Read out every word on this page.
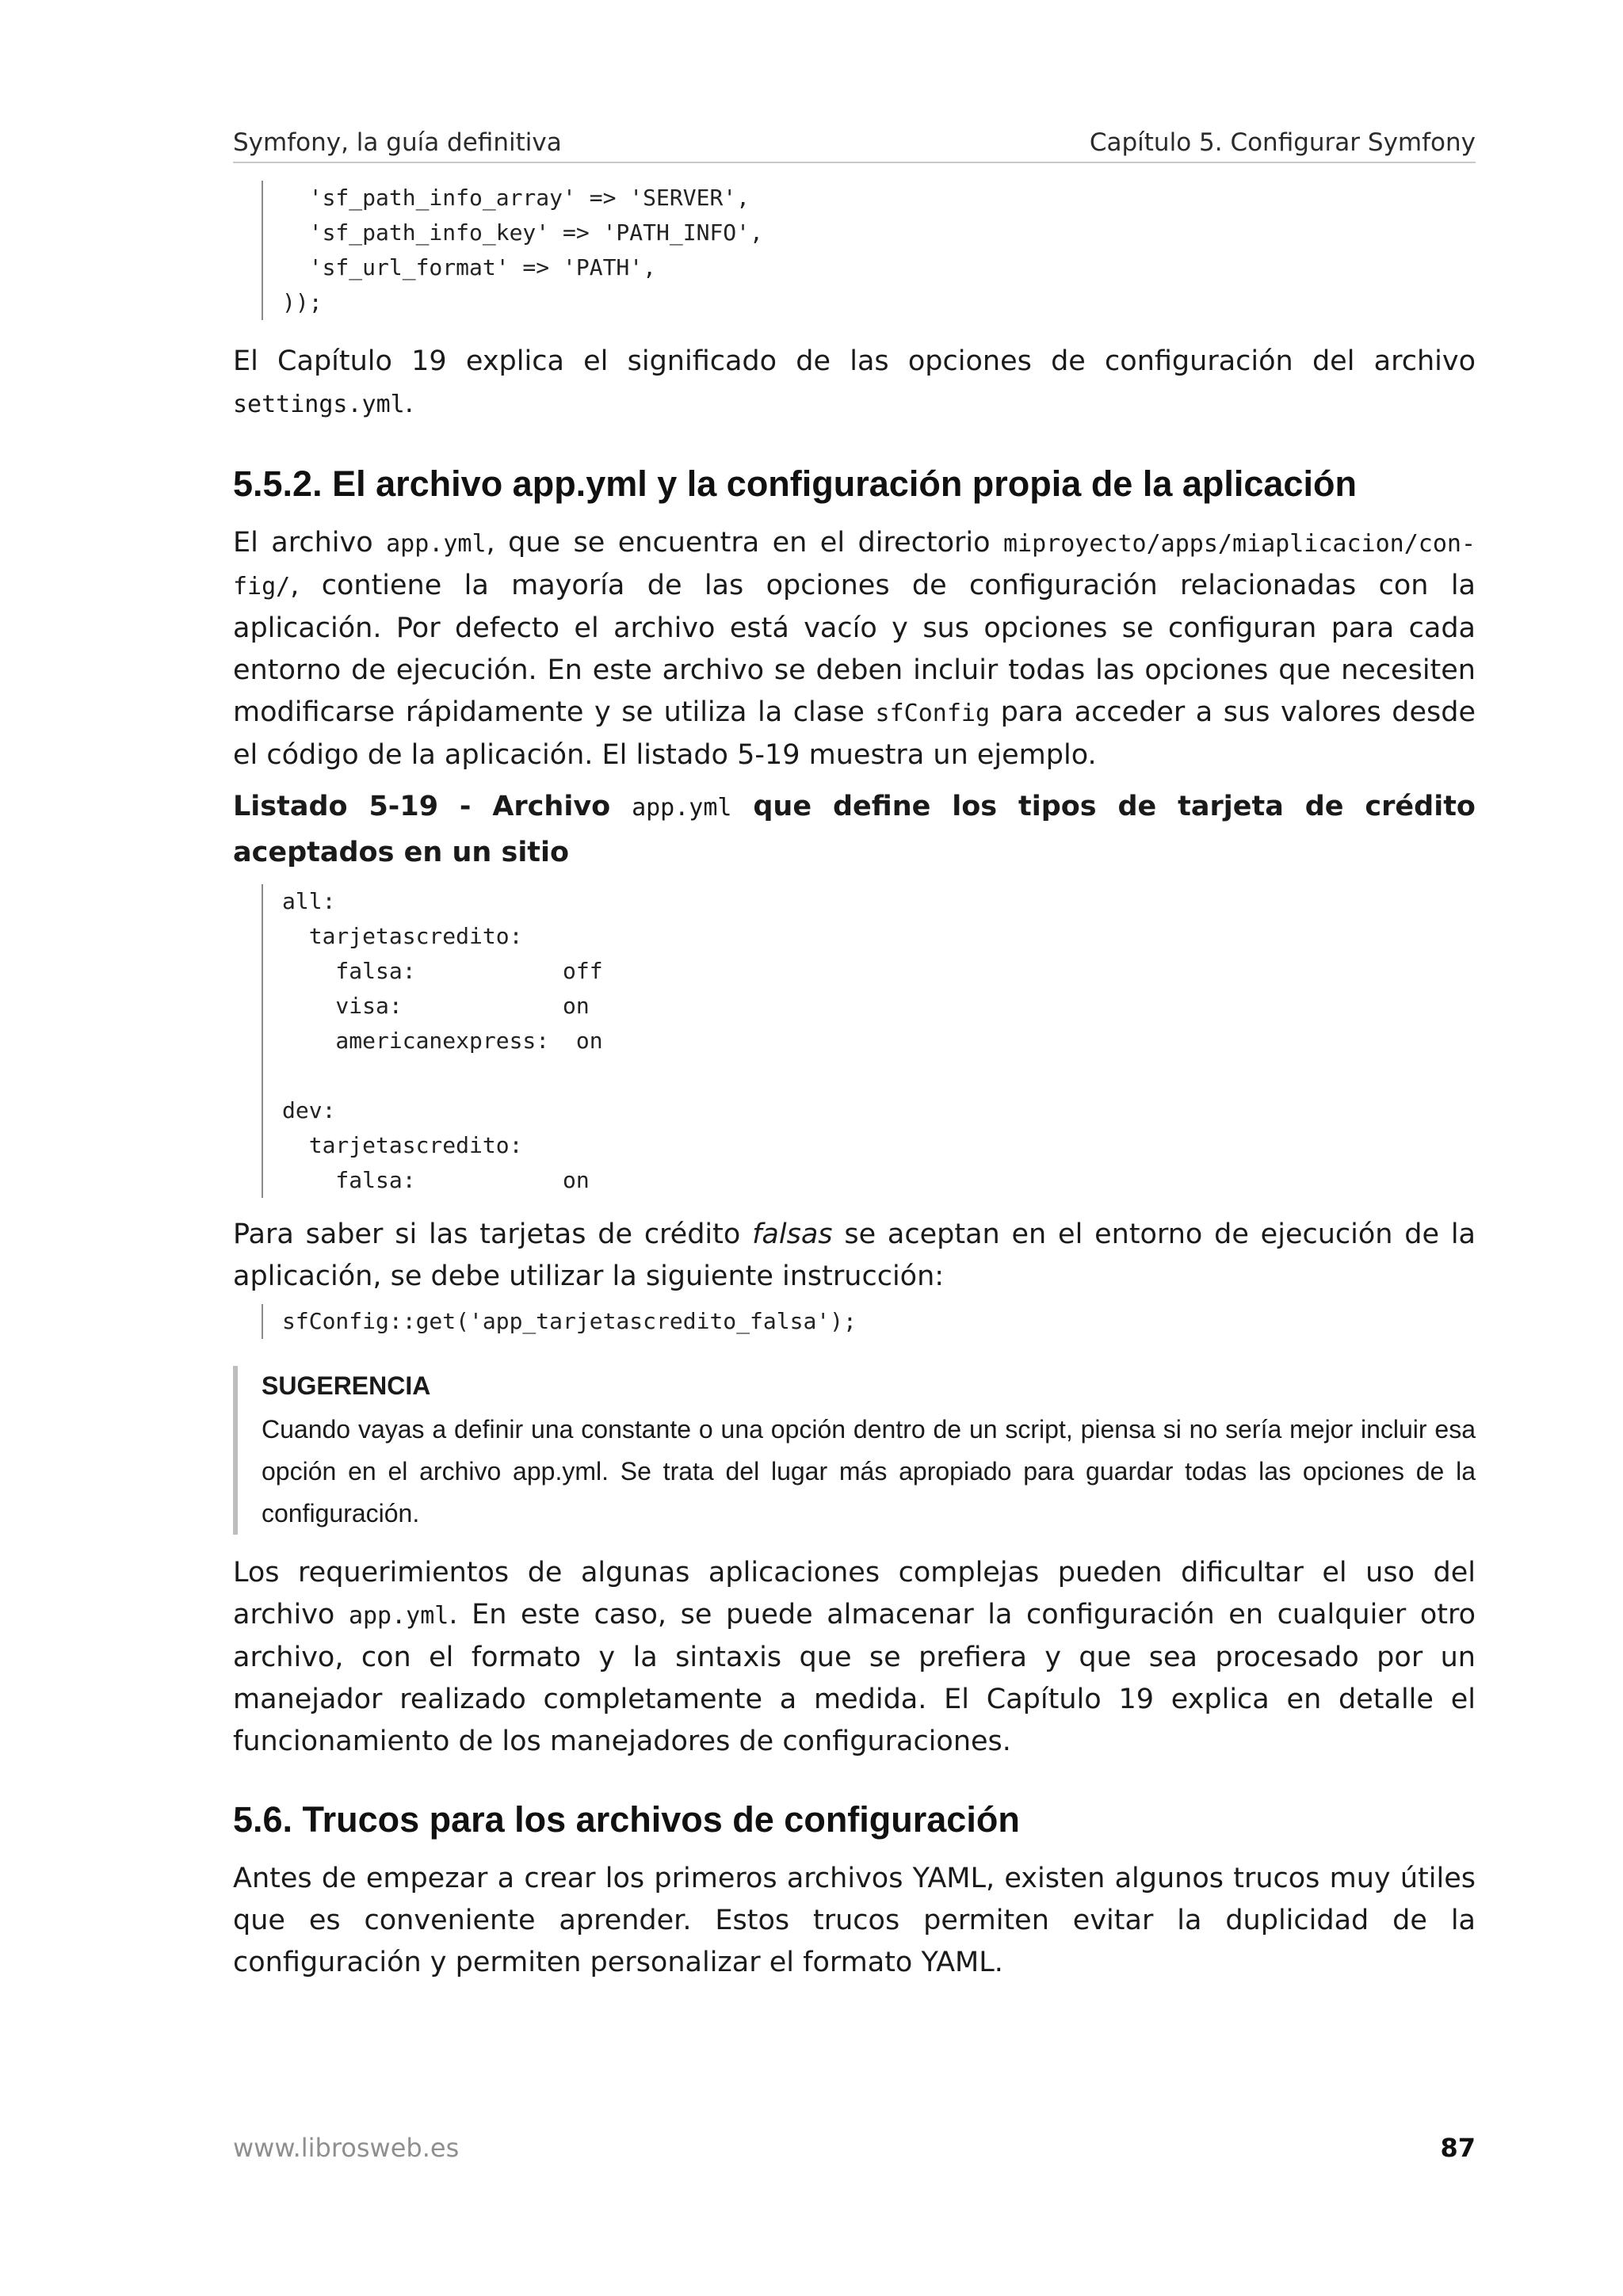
Symfony, la guía definitiva	Capítulo 5. Configurar Symfony
'sf_path_info_array' => 'SERVER',
'sf_path_info_key' => 'PATH_INFO',
'sf_url_format' => 'PATH',
));

El Capítulo 19 explica el significado de las opciones de configuración del archivo settings.yml.

5.5.2. El archivo app.yml y la configuración propia de la aplicación

El archivo app.yml, que se encuentra en el directorio miproyecto/apps/miaplicacion/con-fig/, contiene la mayoría de las opciones de configuración relacionadas con la aplicación. Por defecto el archivo está vacío y sus opciones se configuran para cada entorno de ejecución. En este archivo se deben incluir todas las opciones que necesiten modificarse rápidamente y se utiliza la clase sfConfig para acceder a sus valores desde el código de la aplicación. El listado 5-19 muestra un ejemplo.

Listado 5-19 - Archivo app.yml que define los tipos de tarjeta de crédito aceptados en un sitio

all:
tarjetascredito:
falsa:           off
visa:            on
americanexpress:  on

dev:
tarjetascredito:
falsa:           on

Para saber si las tarjetas de crédito falsas se aceptan en el entorno de ejecución de la aplicación, se debe utilizar la siguiente instrucción:

sfConfig::get('app_tarjetascredito_falsa');
SUGERENCIA
Cuando vayas a definir una constante o una opción dentro de un script, piensa si no sería mejor incluir esa opción en el archivo app.yml. Se trata del lugar más apropiado para guardar todas las opciones de la configuración.

Los requerimientos de algunas aplicaciones complejas pueden dificultar el uso del archivo app.yml. En este caso, se puede almacenar la configuración en cualquier otro archivo, con el formato y la sintaxis que se prefiera y que sea procesado por un manejador realizado completamente a medida. El Capítulo 19 explica en detalle el funcionamiento de los manejadores de configuraciones.

5.6. Trucos para los archivos de configuración

Antes de empezar a crear los primeros archivos YAML, existen algunos trucos muy útiles que es conveniente aprender. Estos trucos permiten evitar la duplicidad de la configuración y permiten personalizar el formato YAML.

www.librosweb.es	87
